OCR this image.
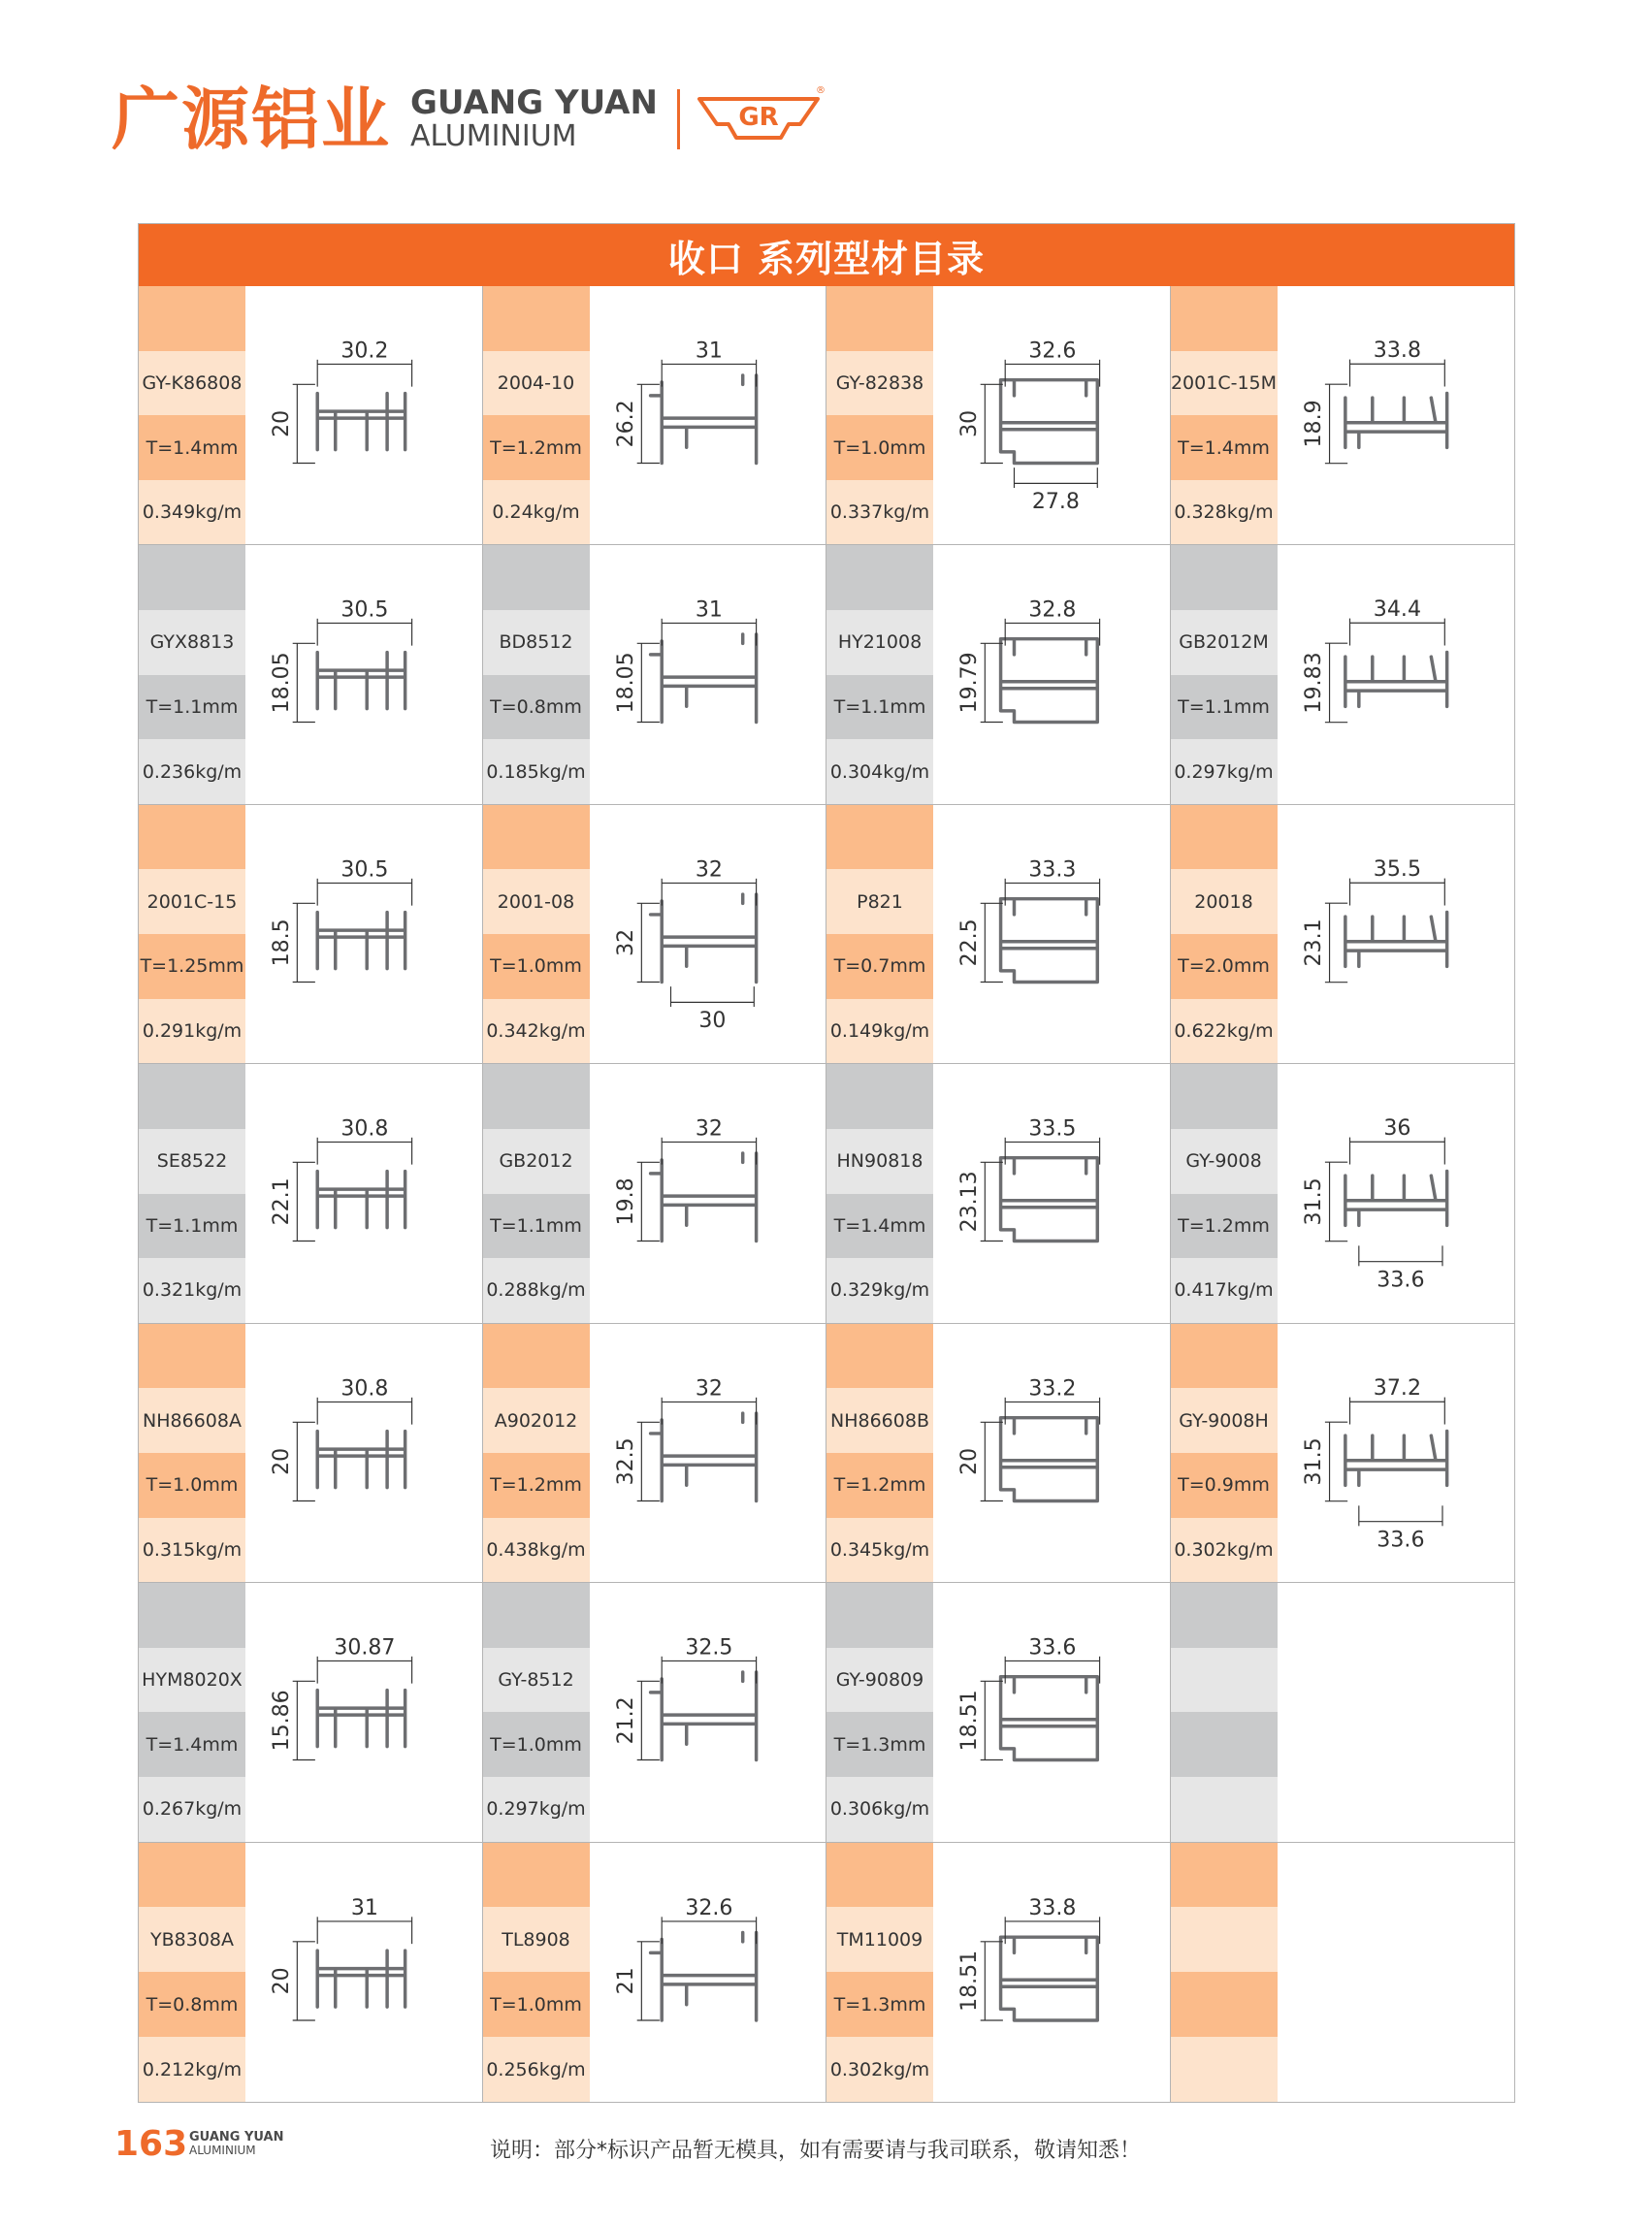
广源铝业 GUANG YUAN
ALUMINIUM
GR
®
收口 系列型材目录
GY-K86808
T=1.4mm
0.349kg/m
30.2
20
2004-10
T=1.2mm
0.24kg/m
31
26.2
GY-82838
T=1.0mm
0.337kg/m
32.6
30
27.8
2001C-15M
T=1.4mm
0.328kg/m
33.8
18.9
GYX8813
T=1.1mm
0.236kg/m
30.5
18.05
BD8512
T=0.8mm
0.185kg/m
31
18.05
HY21008
T=1.1mm
0.304kg/m
32.8
19.79
GB2012M
T=1.1mm
0.297kg/m
34.4
19.83
2001C-15
T=1.25mm
0.291kg/m
30.5
18.5
2001-08
T=1.0mm
0.342kg/m
32
32
30
P821
T=0.7mm
0.149kg/m
33.3
22.5
20018
T=2.0mm
0.622kg/m
35.5
23.1
SE8522
T=1.1mm
0.321kg/m
30.8
22.1
GB2012
T=1.1mm
0.288kg/m
32
19.8
HN90818
T=1.4mm
0.329kg/m
33.5
23.13
GY-9008
T=1.2mm
0.417kg/m
36
31.5
33.6
NH86608A
T=1.0mm
0.315kg/m
30.8
20
A902012
T=1.2mm
0.438kg/m
32
32.5
NH86608B
T=1.2mm
0.345kg/m
33.2
20
GY-9008H
T=0.9mm
0.302kg/m
37.2
31.5
33.6
HYM8020X
T=1.4mm
0.267kg/m
30.87
15.86
GY-8512
T=1.0mm
0.297kg/m
32.5
21.2
GY-90809
T=1.3mm
0.306kg/m
33.6
18.51
YB8308A
T=0.8mm
0.212kg/m
31
20
TL8908
T=1.0mm
0.256kg/m
32.6
21
TM11009
T=1.3mm
0.302kg/m
33.8
18.51
163 GUANG YUAN
ALUMINIUM	说明：部分*标识产品暂无模具，如有需要请与我司联系，敬请知悉！
